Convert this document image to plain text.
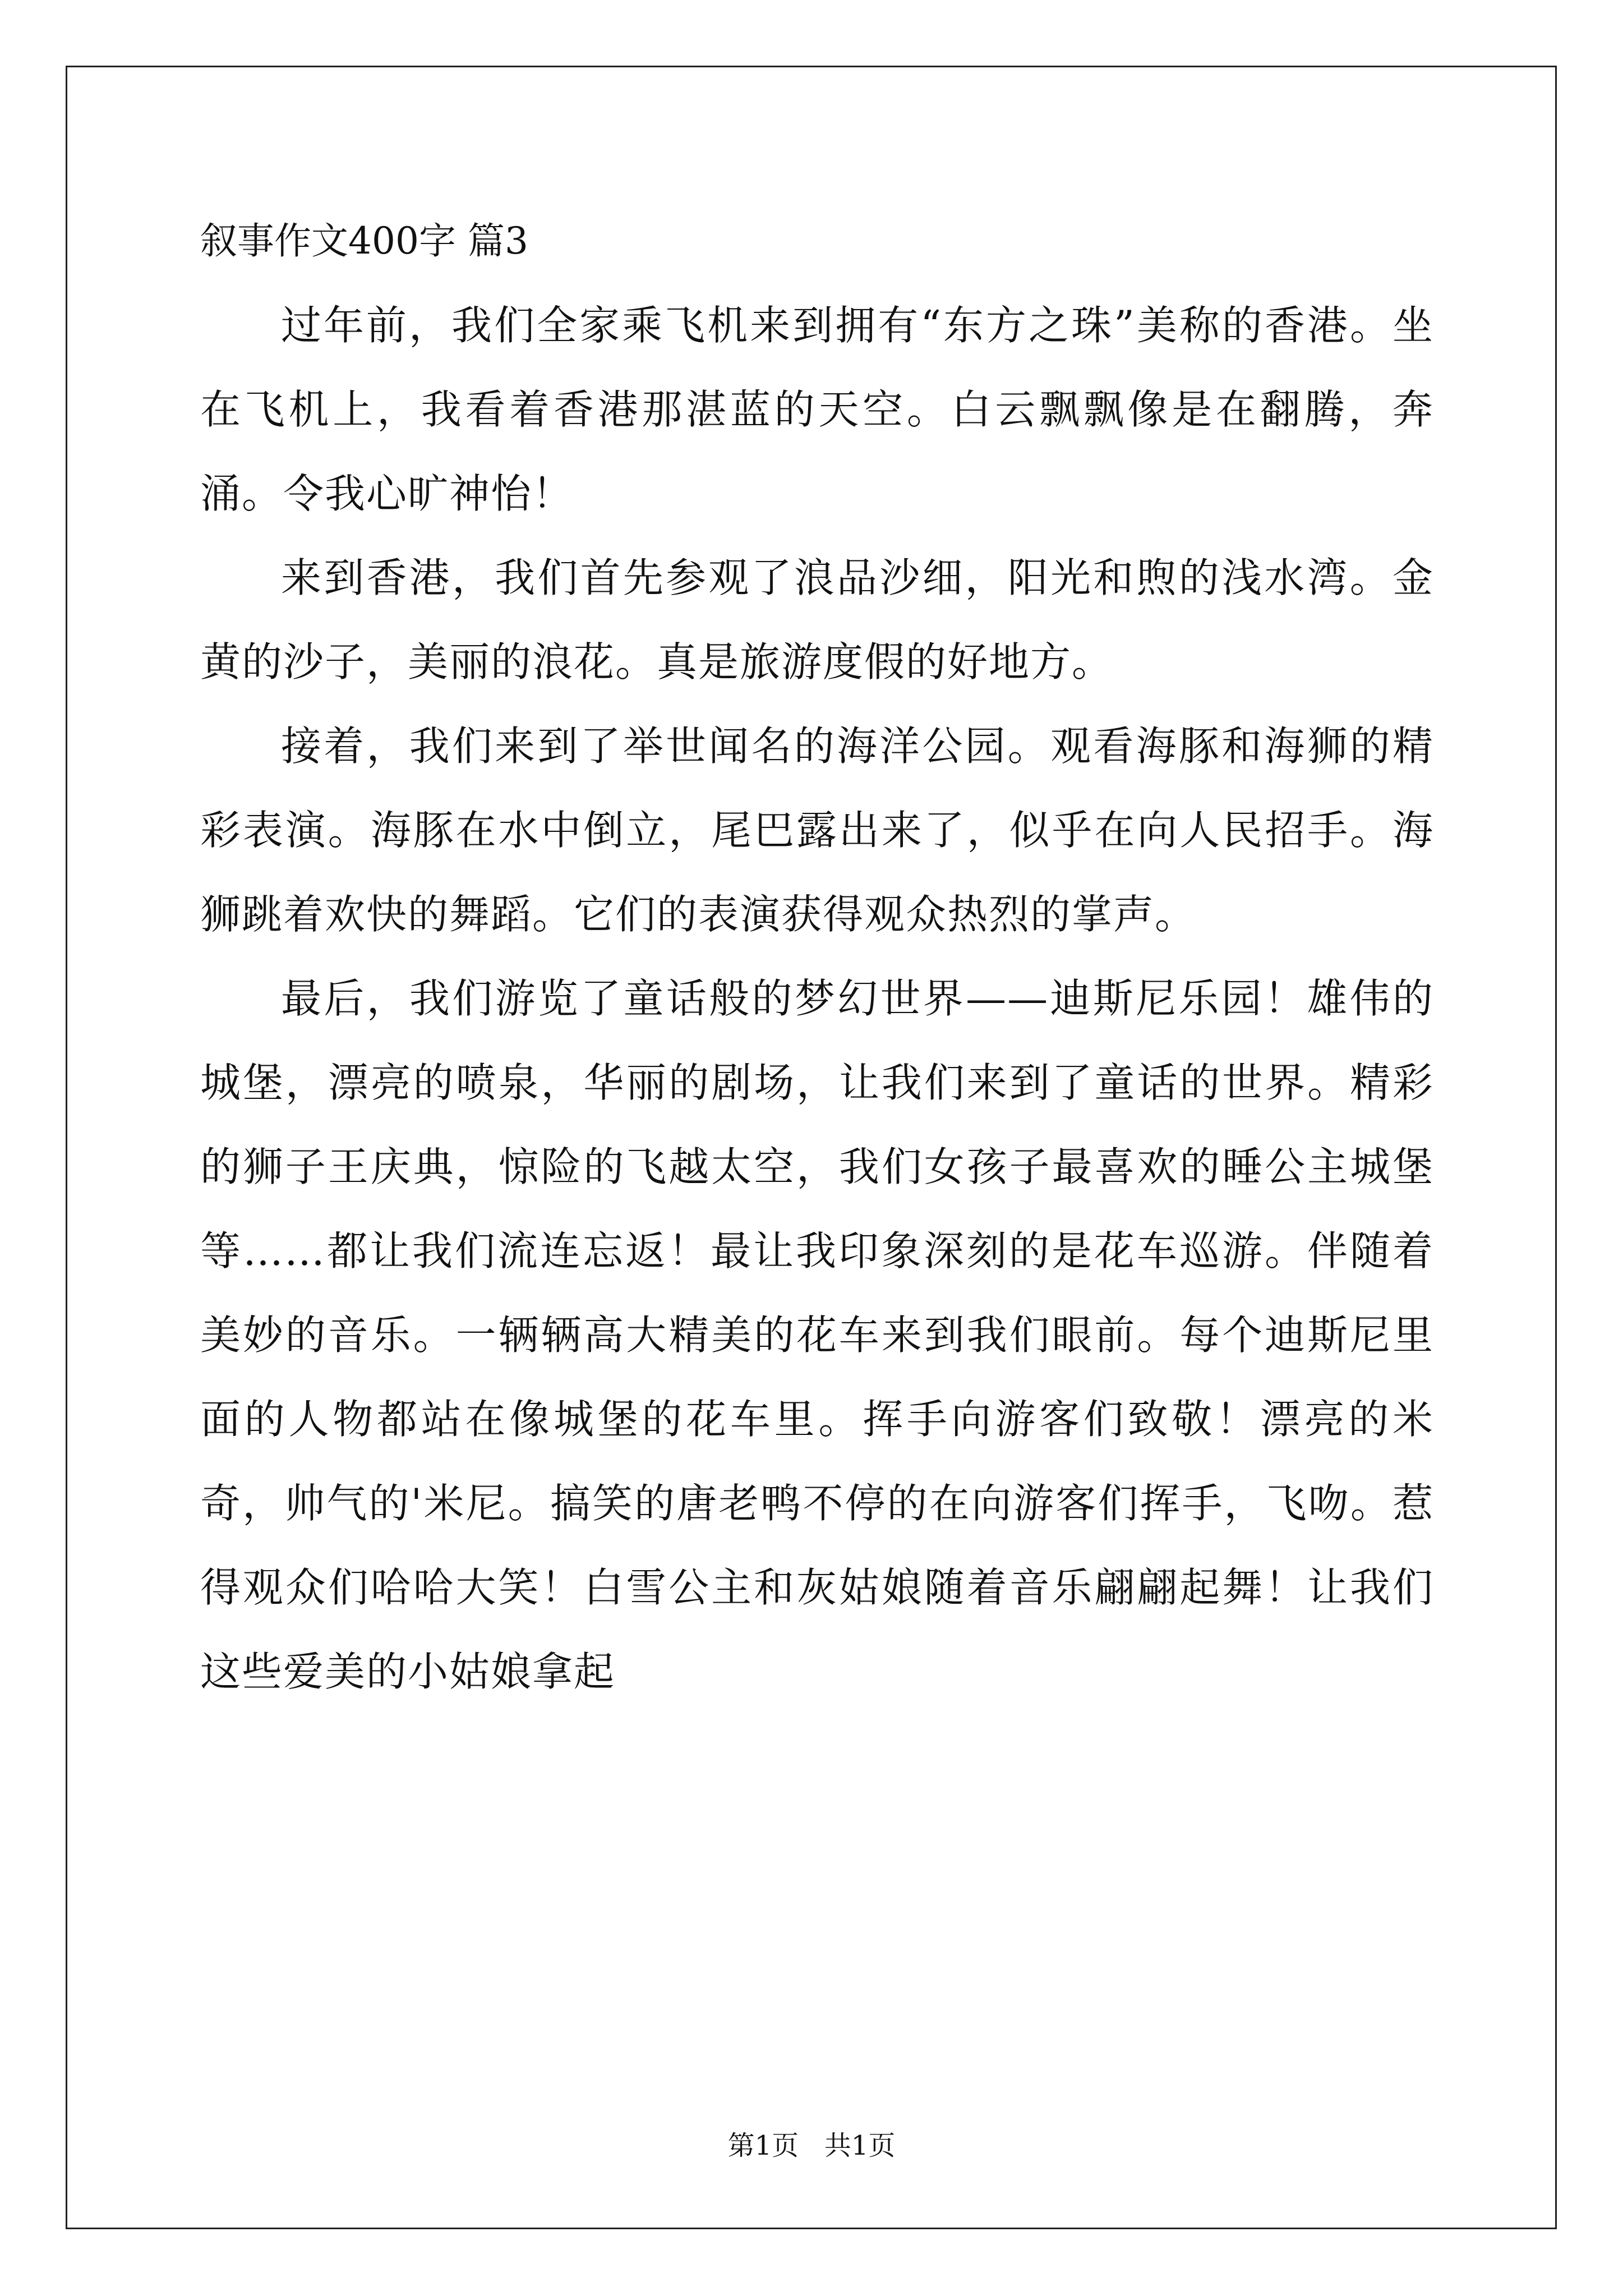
叙事作文400字 篇3

过年前，我们全家乘飞机来到拥有“东方之珠”美称的香港。坐在飞机上，我看着香港那湛蓝的天空。白云飘飘像是在翻腾，奔涌。令我心旷神怡！

来到香港，我们首先参观了浪品沙细，阳光和煦的浅水湾。金黄的沙子，美丽的浪花。真是旅游度假的好地方。

接着，我们来到了举世闻名的海洋公园。观看海豚和海狮的精彩表演。海豚在水中倒立，尾巴露出来了，似乎在向人民招手。海狮跳着欢快的舞蹈。它们的表演获得观众热烈的掌声。

最后，我们游览了童话般的梦幻世界——迪斯尼乐园！雄伟的城堡，漂亮的喷泉，华丽的剧场，让我们来到了童话的世界。精彩的狮子王庆典，惊险的飞越太空，我们女孩子最喜欢的睡公主城堡等……都让我们流连忘返！最让我印象深刻的是花车巡游。伴随着美妙的音乐。一辆辆高大精美的花车来到我们眼前。每个迪斯尼里面的人物都站在像城堡的花车里。挥手向游客们致敬！漂亮的米奇，帅气的'米尼。搞笑的唐老鸭不停的在向游客们挥手，飞吻。惹得观众们哈哈大笑！白雪公主和灰姑娘随着音乐翩翩起舞！让我们这些爱美的小姑娘拿起

第1页   共1页
